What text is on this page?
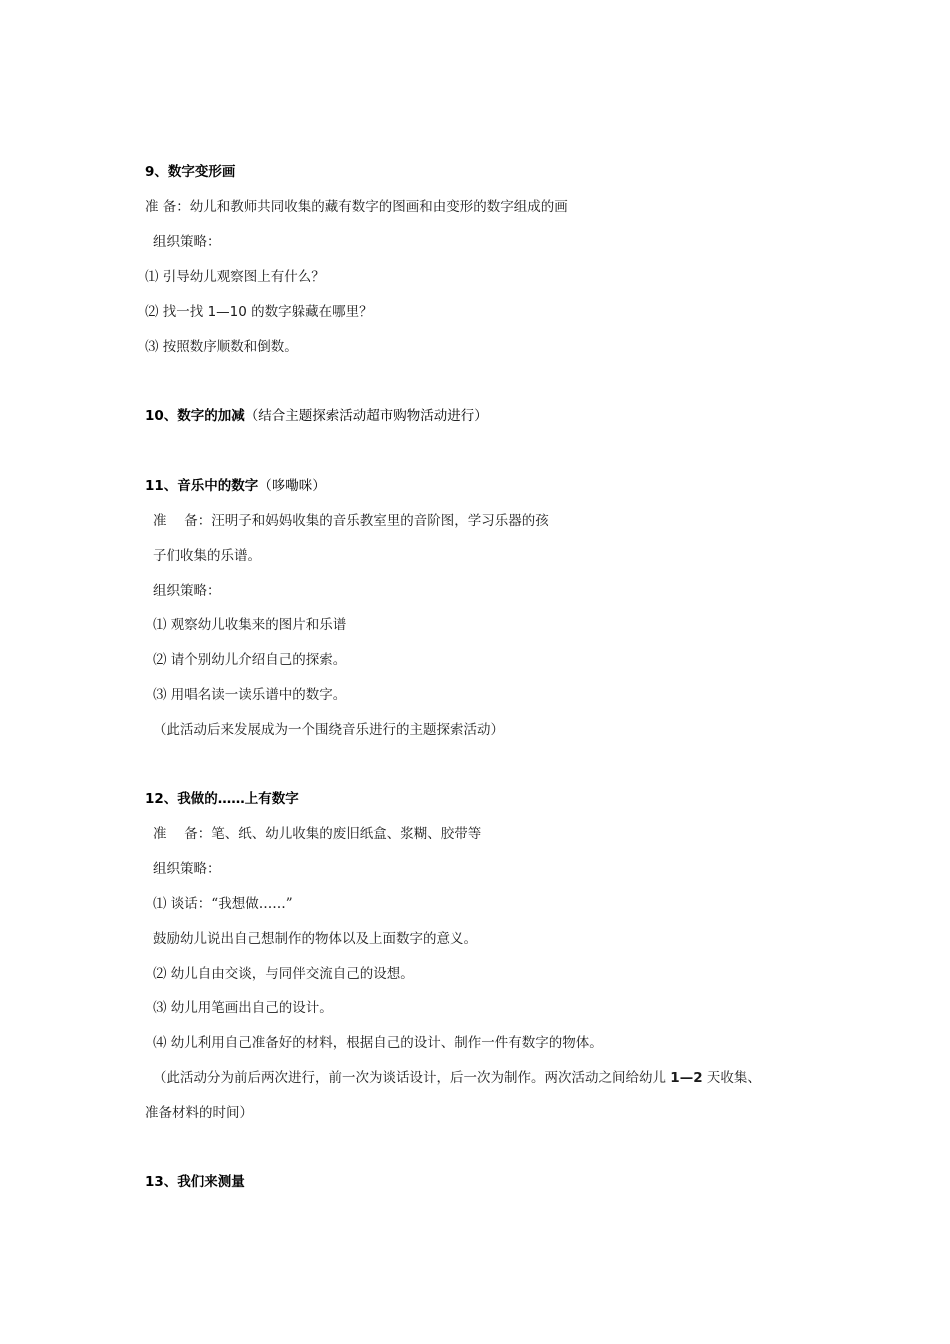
9、数字变形画
准 备：幼儿和教师共同收集的藏有数字的图画和由变形的数字组成的画
组织策略：
⑴ 引导幼儿观察图上有什么？
⑵ 找一找 1—10 的数字躲藏在哪里？
⑶ 按照数序顺数和倒数。
10、数字的加减（结合主题探索活动超市购物活动进行）
11、音乐中的数字（哆嘞咪）
准　 备：汪明子和妈妈收集的音乐教室里的音阶图，学习乐器的孩
子们收集的乐谱。
组织策略：
⑴ 观察幼儿收集来的图片和乐谱
⑵ 请个别幼儿介绍自己的探索。
⑶ 用唱名读一读乐谱中的数字。
（此活动后来发展成为一个围绕音乐进行的主题探索活动）
12、我做的……上有数字
准　 备：笔、纸、幼儿收集的废旧纸盒、浆糊、胶带等
组织策略：
⑴ 谈话：“我想做……”
鼓励幼儿说出自己想制作的物体以及上面数字的意义。
⑵ 幼儿自由交谈，与同伴交流自己的设想。
⑶ 幼儿用笔画出自己的设计。
⑷ 幼儿利用自己准备好的材料，根据自己的设计、制作一件有数字的物体。
（此活动分为前后两次进行，前一次为谈话设计，后一次为制作。两次活动之间给幼儿 1—2 天收集、
准备材料的时间）
13、我们来测量
